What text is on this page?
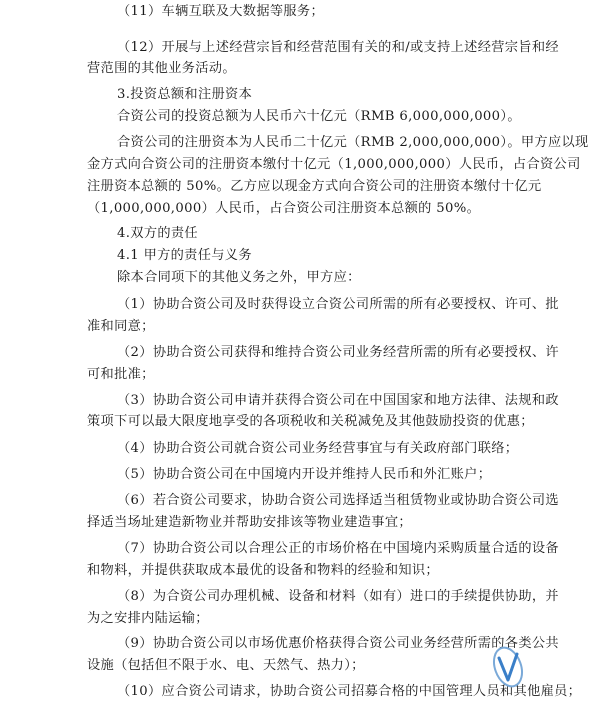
（11）车辆互联及大数据等服务；
（12）开展与上述经营宗旨和经营范围有关的和/或支持上述经营宗旨和经
营范围的其他业务活动。
3.投资总额和注册资本
合资公司的投资总额为人民币六十亿元（RMB 6,000,000,000）。
合资公司的注册资本为人民币二十亿元（RMB 2,000,000,000）。甲方应以现
金方式向合资公司的注册资本缴付十亿元（1,000,000,000）人民币，占合资公司
注册资本总额的 50%。乙方应以现金方式向合资公司的注册资本缴付十亿元
（1,000,000,000）人民币，占合资公司注册资本总额的 50%。
4.双方的责任
4.1 甲方的责任与义务
除本合同项下的其他义务之外，甲方应：
（1）协助合资公司及时获得设立合资公司所需的所有必要授权、许可、批
准和同意；
（2）协助合资公司获得和维持合资公司业务经营所需的所有必要授权、许
可和批准；
（3）协助合资公司申请并获得合资公司在中国国家和地方法律、法规和政
策项下可以最大限度地享受的各项税收和关税减免及其他鼓励投资的优惠；
（4）协助合资公司就合资公司业务经营事宜与有关政府部门联络；
（5）协助合资公司在中国境内开设并维持人民币和外汇账户；
（6）若合资公司要求，协助合资公司选择适当租赁物业或协助合资公司选
择适当场址建造新物业并帮助安排该等物业建造事宜；
（7）协助合资公司以合理公正的市场价格在中国境内采购质量合适的设备
和物料，并提供获取成本最优的设备和物料的经验和知识；
（8）为合资公司办理机械、设备和材料（如有）进口的手续提供协助，并
为之安排内陆运输；
（9）协助合资公司以市场优惠价格获得合资公司业务经营所需的各类公共
设施（包括但不限于水、电、天然气、热力）；
（10）应合资公司请求，协助合资公司招募合格的中国管理人员和其他雇员；
